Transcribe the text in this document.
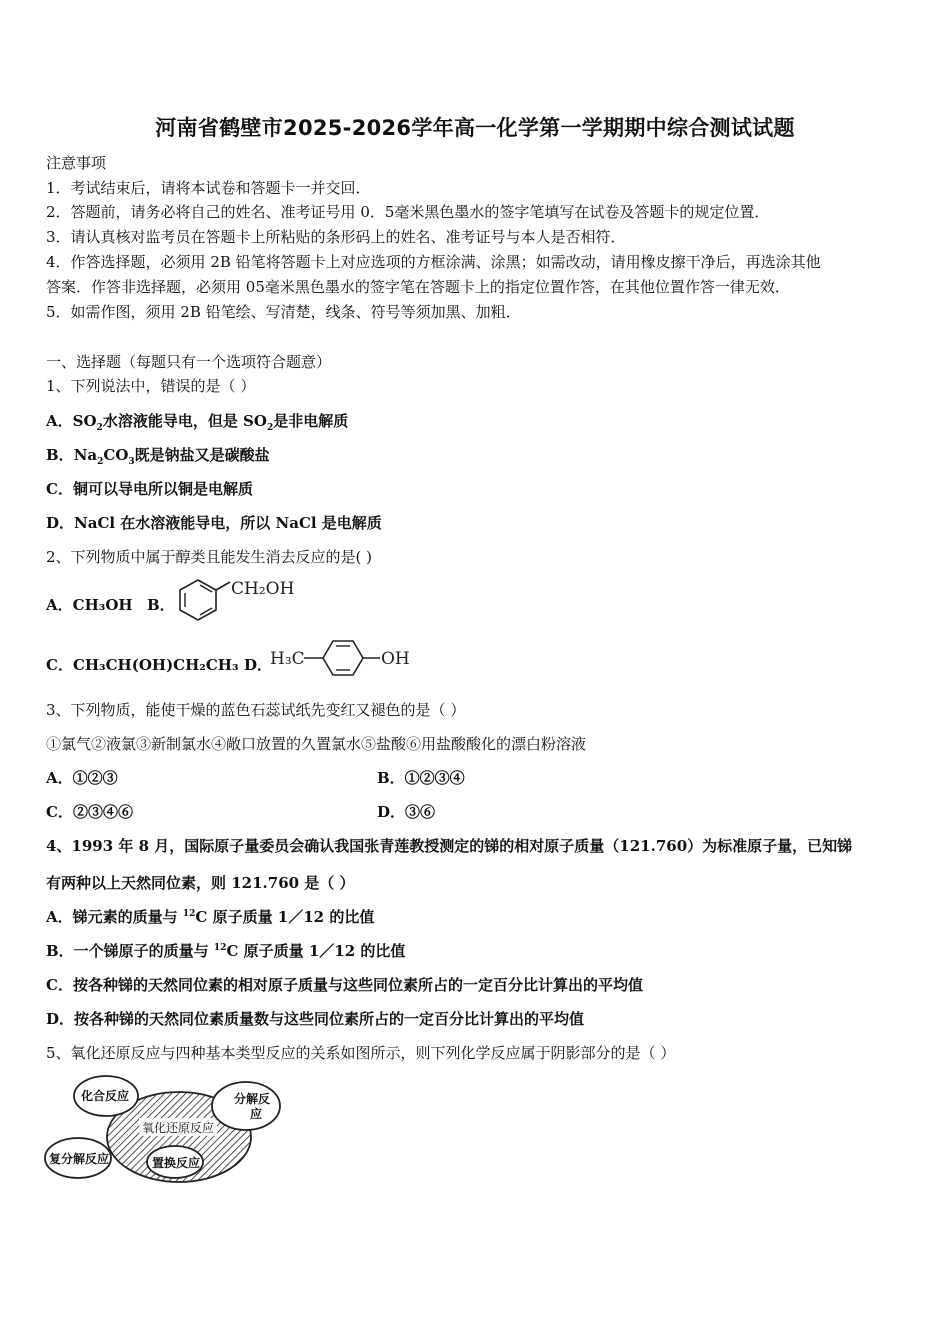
河南省鹤壁市2025-2026学年高一化学第一学期期中综合测试试题
注意事项
1．考试结束后，请将本试卷和答题卡一并交回．
2．答题前，请务必将自己的姓名、准考证号用 0．5毫米黑色墨水的签字笔填写在试卷及答题卡的规定位置．
3．请认真核对监考员在答题卡上所粘贴的条形码上的姓名、准考证号与本人是否相符．
4．作答选择题，必须用 2B 铅笔将答题卡上对应选项的方框涂满、涂黑；如需改动，请用橡皮擦干净后，再选涂其他
答案．作答非选择题，必须用 05毫米黑色墨水的签字笔在答题卡上的指定位置作答，在其他位置作答一律无效．
5．如需作图，须用 2B 铅笔绘、写清楚，线条、符号等须加黑、加粗．
一、选择题（每题只有一个选项符合题意）
1、下列说法中，错误的是（ ）
A．$SO_2$水溶液能导电，但是 $SO_2$是非电解质
B．$Na_2CO_3$既是钠盐又是碳酸盐
C．铜可以导电所以铜是电解质
D．NaCl 在水溶液能导电，所以 NaCl 是电解质
2、下列物质中属于醇类且能发生消去反应的是( )
A．CH₃OH B．
CH₂OH
C．CH₃CH(OH)CH₂CH₃ D．
H₃C	OH
3、下列物质，能使干燥的蓝色石蕊试纸先变红又褪色的是（ ）
①氯气②液氯③新制氯水④敞口放置的久置氯水⑤盐酸⑥用盐酸酸化的漂白粉溶液
A．①②③	B．①②③④
C．②③④⑥	D．③⑥
4、1993 年 8 月，国际原子量委员会确认我国张青莲教授测定的锑的相对原子质量（121.760）为标准原子量，已知锑
有两种以上天然同位素，则 121.760 是（ ）
A．锑元素的质量与 $^{12}$C 原子质量 1／12 的比值
B．一个锑原子的质量与 $^{12}$C 原子质量 1／12 的比值
C．按各种锑的天然同位素的相对原子质量与这些同位素所占的一定百分比计算出的平均值
D．按各种锑的天然同位素质量数与这些同位素所占的一定百分比计算出的平均值
5、氧化还原反应与四种基本类型反应的关系如图所示，则下列化学反应属于阴影部分的是（ ）
氧化还原反应
化合反应	分解反
应
复分解反应	置换反应
